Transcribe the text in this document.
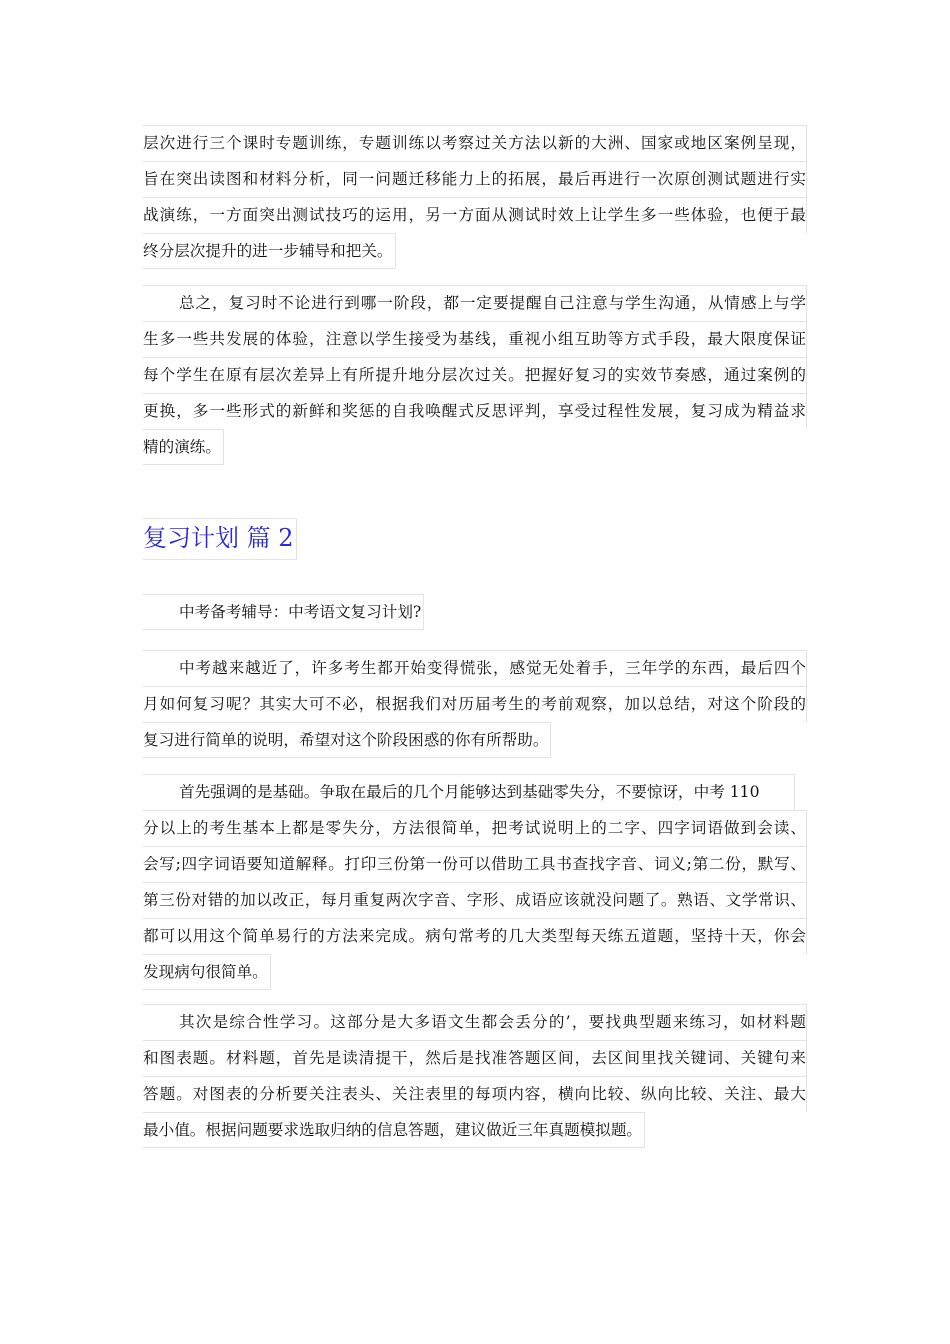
层次进行三个课时专题训练，专题训练以考察过关方法以新的大洲、国家或地区案例呈现，
旨在突出读图和材料分析，同一问题迁移能力上的拓展，最后再进行一次原创测试题进行实
战演练，一方面突出测试技巧的运用，另一方面从测试时效上让学生多一些体验，也便于最
终分层次提升的进一步辅导和把关。
总之，复习时不论进行到哪一阶段，都一定要提醒自己注意与学生沟通，从情感上与学
生多一些共发展的体验，注意以学生接受为基线，重视小组互助等方式手段，最大限度保证
每个学生在原有层次差异上有所提升地分层次过关。把握好复习的实效节奏感，通过案例的
更换，多一些形式的新鲜和奖惩的自我唤醒式反思评判，享受过程性发展，复习成为精益求
精的演练。
复习计划 篇 2
中考备考辅导：中考语文复习计划?
中考越来越近了，许多考生都开始变得慌张，感觉无处着手，三年学的东西，最后四个
月如何复习呢？其实大可不必，根据我们对历届考生的考前观察，加以总结，对这个阶段的
复习进行简单的说明，希望对这个阶段困惑的你有所帮助。
首先强调的是基础。争取在最后的几个月能够达到基础零失分，不要惊讶，中考 110
分以上的考生基本上都是零失分，方法很简单，把考试说明上的二字、四字词语做到会读、
会写;四字词语要知道解释。打印三份第一份可以借助工具书查找字音、词义;第二份，默写、
第三份对错的加以改正，每月重复两次字音、字形、成语应该就没问题了。熟语、文学常识、
都可以用这个简单易行的方法来完成。病句常考的几大类型每天练五道题，坚持十天，你会
发现病句很简单。
其次是综合性学习。这部分是大多语文生都会丢分的’，要找典型题来练习，如材料题
和图表题。材料题，首先是读清提干，然后是找准答题区间，去区间里找关键词、关键句来
答题。对图表的分析要关注表头、关注表里的每项内容，横向比较、纵向比较、关注、最大
最小值。根据问题要求选取归纳的信息答题，建议做近三年真题模拟题。
